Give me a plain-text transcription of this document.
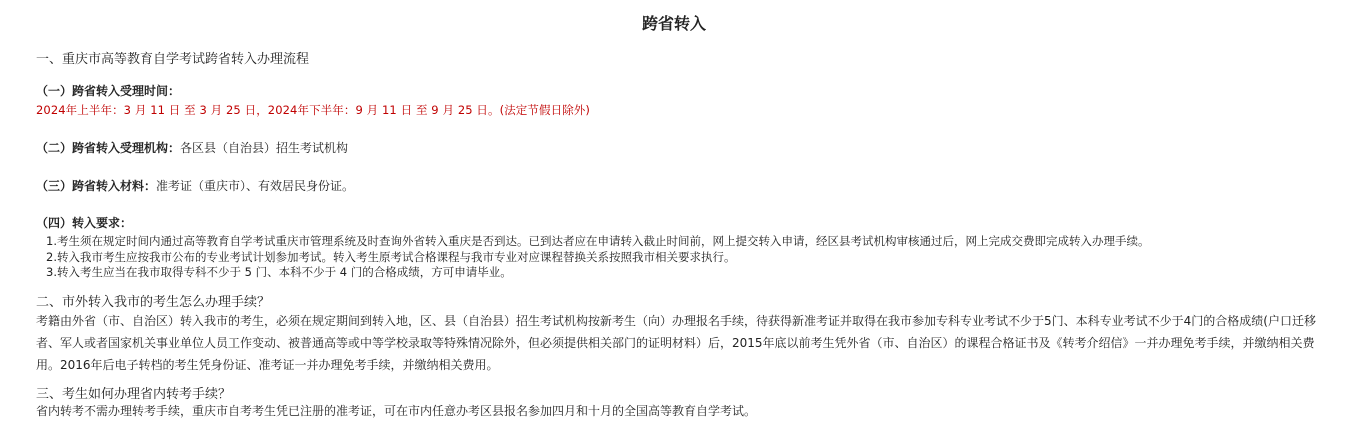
跨省转入
一、重庆市高等教育自学考试跨省转入办理流程
（一）跨省转入受理时间：
2024年上半年：3 月 11 日 至 3 月 25 日，2024年下半年：9 月 11 日 至 9 月 25 日。(法定节假日除外)
（二）跨省转入受理机构：各区县（自治县）招生考试机构
（三）跨省转入材料：准考证（重庆市）、有效居民身份证。
（四）转入要求：
1.考生须在规定时间内通过高等教育自学考试重庆市管理系统及时查询外省转入重庆是否到达。已到达者应在申请转入截止时间前，网上提交转入申请，经区县考试机构审核通过后，网上完成交费即完成转入办理手续。
2.转入我市考生应按我市公布的专业考试计划参加考试。转入考生原考试合格课程与我市专业对应课程替换关系按照我市相关要求执行。
3.转入考生应当在我市取得专科不少于 5 门、本科不少于 4 门的合格成绩，方可申请毕业。
二、市外转入我市的考生怎么办理手续？
考籍由外省（市、自治区）转入我市的考生，必须在规定期间到转入地，区、县（自治县）招生考试机构按新考生（向）办理报名手续，待获得新准考证并取得在我市参加专科专业考试不少于5门、本科专业考试不少于4门的合格成绩(户口迁移者、军人或者国家机关事业单位人员工作变动、被普通高等或中等学校录取等特殊情况除外，但必须提供相关部门的证明材料）后，2015年底以前考生凭外省（市、自治区）的课程合格证书及《转考介绍信》一并办理免考手续，并缴纳相关费用。2016年后电子转档的考生凭身份证、准考证一并办理免考手续，并缴纳相关费用。
三、考生如何办理省内转考手续？
省内转考不需办理转考手续，重庆市自考考生凭已注册的准考证，可在市内任意办考区县报名参加四月和十月的全国高等教育自学考试。
